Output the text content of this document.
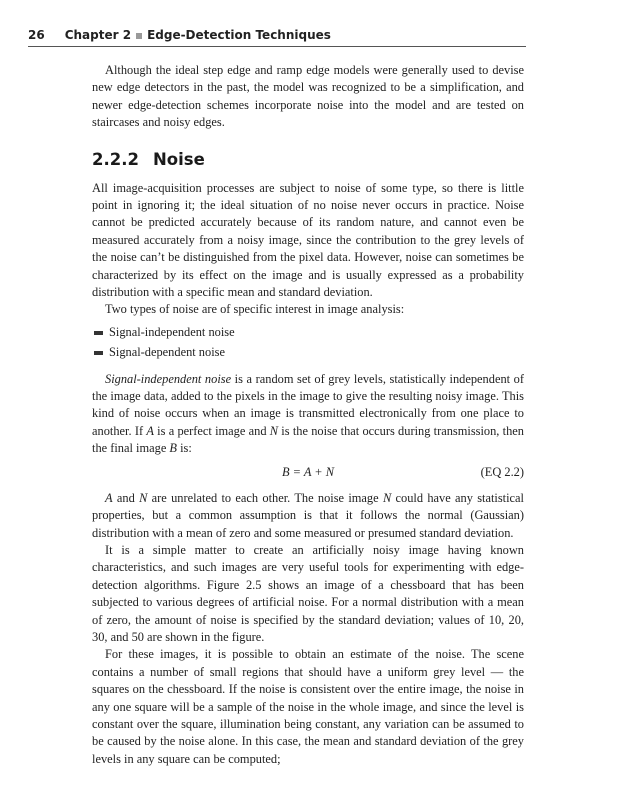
26 Chapter 2 Edge-Detection Techniques

Although the ideal step edge and ramp edge models were generally used to devise new edge detectors in the past, the model was recognized to be a simplification, and newer edge-detection schemes incorporate noise into the model and are tested on staircases and noisy edges.

2.2.2 Noise

All image-acquisition processes are subject to noise of some type, so there is little point in ignoring it; the ideal situation of no noise never occurs in practice. Noise cannot be predicted accurately because of its random nature, and cannot even be measured accurately from a noisy image, since the contribution to the grey levels of the noise can’t be distinguished from the pixel data. However, noise can sometimes be characterized by its effect on the image and is usually expressed as a probability distribution with a specific mean and standard deviation.

Two types of noise are of specific interest in image analysis:

Signal-independent noise
Signal-dependent noise

Signal-independent noise is a random set of grey levels, statistically independent of the image data, added to the pixels in the image to give the resulting noisy image. This kind of noise occurs when an image is transmitted electronically from one place to another. If A is a perfect image and N is the noise that occurs during transmission, then the final image B is:

B = A + N	(EQ 2.2)

A and N are unrelated to each other. The noise image N could have any statistical properties, but a common assumption is that it follows the normal (Gaussian) distribution with a mean of zero and some measured or presumed standard deviation.

It is a simple matter to create an artificially noisy image having known characteristics, and such images are very useful tools for experimenting with edge-detection algorithms. Figure 2.5 shows an image of a chessboard that has been subjected to various degrees of artificial noise. For a normal distribution with a mean of zero, the amount of noise is specified by the standard deviation; values of 10, 20, 30, and 50 are shown in the figure.

For these images, it is possible to obtain an estimate of the noise. The scene contains a number of small regions that should have a uniform grey level — the squares on the chessboard. If the noise is consistent over the entire image, the noise in any one square will be a sample of the noise in the whole image, and since the level is constant over the square, illumination being constant, any variation can be assumed to be caused by the noise alone. In this case, the mean and standard deviation of the grey levels in any square can be computed;
